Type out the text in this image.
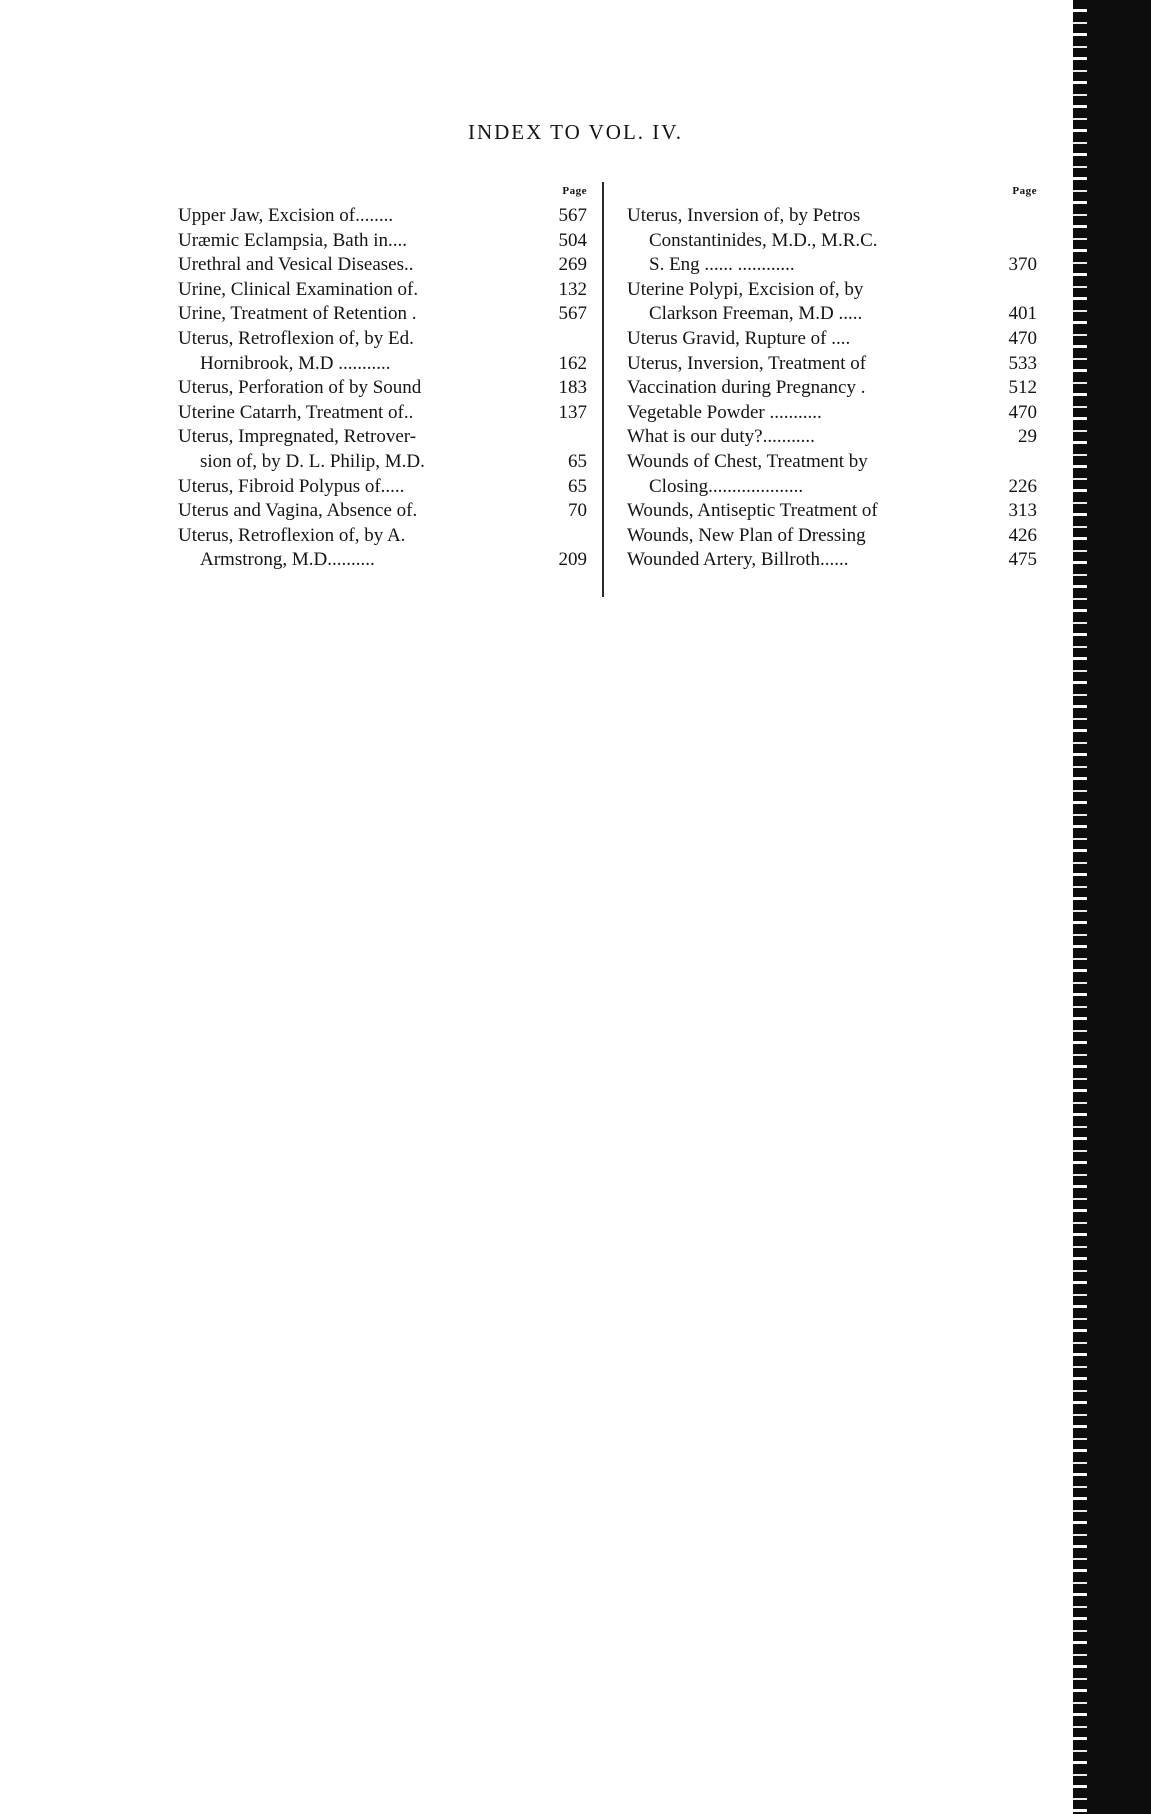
INDEX TO VOL. IV.
Page
Upper Jaw, Excision of........	567
Uræmic Eclampsia, Bath in....	504
Urethral and Vesical Diseases..	269
Urine, Clinical Examination of.	132
Urine, Treatment of Retention .	567
Uterus, Retroflexion of, by Ed.
Hornibrook, M.D ...........	162
Uterus, Perforation of by Sound	183
Uterine Catarrh, Treatment of..	137
Uterus, Impregnated, Retrover-
sion of, by D. L. Philip, M.D.	65
Uterus, Fibroid Polypus of.....	65
Uterus and Vagina, Absence of.	70
Uterus, Retroflexion of, by A.
Armstrong, M.D..........	209
Page
Uterus, Inversion of, by Petros
Constantinides, M.D., M.R.C.
S. Eng ...... ............	370
Uterine Polypi, Excision of, by
Clarkson Freeman, M.D .....	401
Uterus Gravid, Rupture of ....	470
Uterus, Inversion, Treatment of	533
Vaccination during Pregnancy .	512
Vegetable Powder ...........	470
What is our duty?...........	29
Wounds of Chest, Treatment by
Closing....................	226
Wounds, Antiseptic Treatment of	313
Wounds, New Plan of Dressing	426
Wounded Artery, Billroth......	475
